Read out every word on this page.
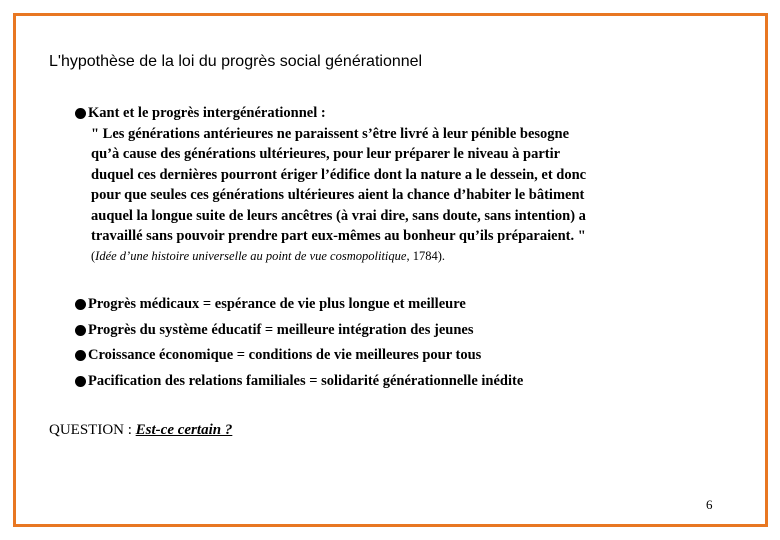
L'hypothèse de la loi du progrès social générationnel
Kant et le progrès intergénérationnel :
" Les générations antérieures ne paraissent s’être livré à leur pénible besogne
qu’à cause des générations ultérieures, pour leur préparer le niveau à partir
duquel ces dernières pourront ériger l’édifice dont la nature a le dessein, et donc
pour que seules ces générations ultérieures aient la chance d’habiter le bâtiment
auquel la longue suite de leurs ancêtres (à vrai dire, sans doute, sans intention) a
travaillé sans pouvoir prendre part eux-mêmes au bonheur qu’ils préparaient. "
(Idée d’une histoire universelle au point de vue cosmopolitique, 1784).
Progrès médicaux = espérance de vie plus longue et meilleure
Progrès du système éducatif = meilleure intégration des jeunes
Croissance économique = conditions de vie meilleures pour tous
Pacification des relations familiales = solidarité générationnelle inédite
QUESTION : Est-ce certain ?
6
